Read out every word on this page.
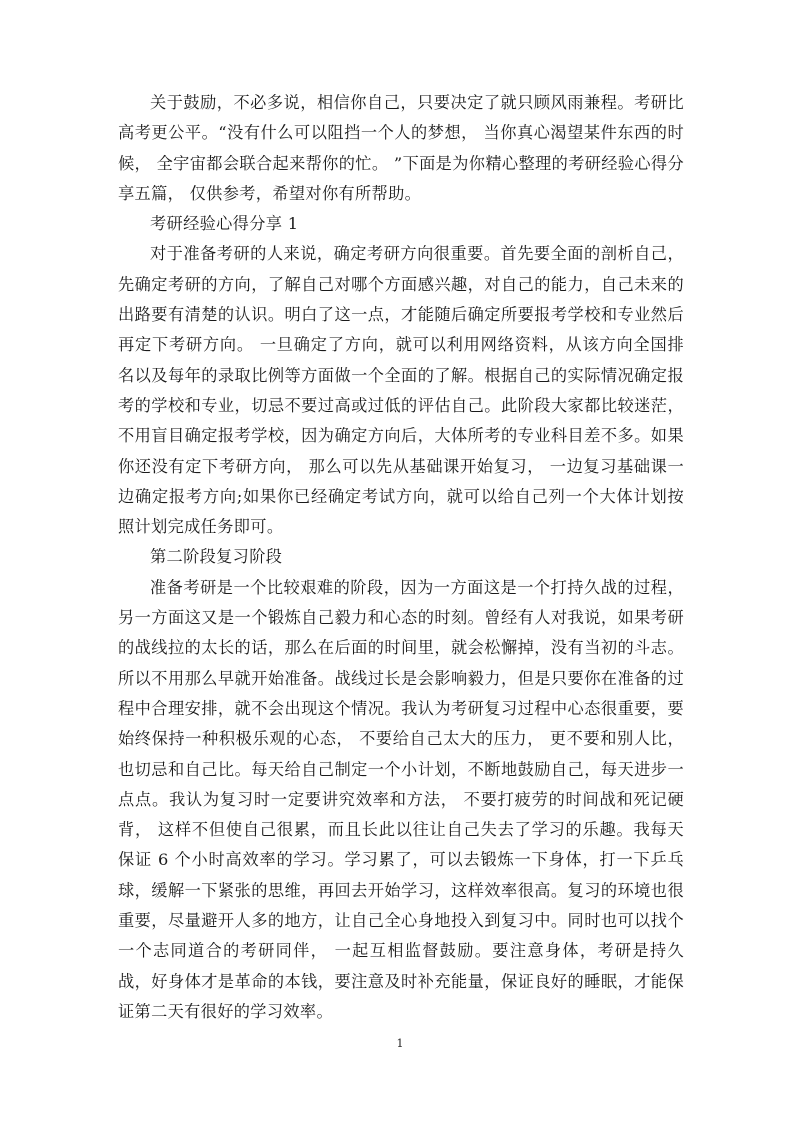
关于鼓励，不必多说，相信你自己，只要决定了就只顾风雨兼程。考研比高考更公平。“没有什么可以阻挡一个人的梦想， 当你真心渴望某件东西的时候， 全宇宙都会联合起来帮你的忙。 ”下面是为你精心整理的考研经验心得分享五篇， 仅供参考，希望对你有所帮助。

考研经验心得分享 1

对于准备考研的人来说，确定考研方向很重要。首先要全面的剖析自己，先确定考研的方向，了解自己对哪个方面感兴趣，对自己的能力，自己未来的出路要有清楚的认识。明白了这一点，才能随后确定所要报考学校和专业然后再定下考研方向。 一旦确定了方向，就可以利用网络资料，从该方向全国排名以及每年的录取比例等方面做一个全面的了解。根据自己的实际情况确定报考的学校和专业，切忌不要过高或过低的评估自己。此阶段大家都比较迷茫，不用盲目确定报考学校，因为确定方向后，大体所考的专业科目差不多。如果你还没有定下考研方向， 那么可以先从基础课开始复习， 一边复习基础课一边确定报考方向;如果你已经确定考试方向，就可以给自己列一个大体计划按照计划完成任务即可。

第二阶段复习阶段

准备考研是一个比较艰难的阶段，因为一方面这是一个打持久战的过程，另一方面这又是一个锻炼自己毅力和心态的时刻。曾经有人对我说，如果考研的战线拉的太长的话，那么在后面的时间里，就会松懈掉，没有当初的斗志。所以不用那么早就开始准备。战线过长是会影响毅力，但是只要你在准备的过程中合理安排，就不会出现这个情况。我认为考研复习过程中心态很重要，要始终保持一种积极乐观的心态， 不要给自己太大的压力， 更不要和别人比， 也切忌和自己比。每天给自己制定一个小计划，不断地鼓励自己，每天进步一点点。我认为复习时一定要讲究效率和方法， 不要打疲劳的时间战和死记硬背， 这样不但使自己很累，而且长此以往让自己失去了学习的乐趣。我每天保证 6 个小时高效率的学习。学习累了，可以去锻炼一下身体，打一下乒乓球，缓解一下紧张的思维，再回去开始学习，这样效率很高。复习的环境也很重要，尽量避开人多的地方，让自己全心身地投入到复习中。同时也可以找个一个志同道合的考研同伴， 一起互相监督鼓励。要注意身体，考研是持久战，好身体才是革命的本钱，要注意及时补充能量，保证良好的睡眠，才能保证第二天有很好的学习效率。

1
